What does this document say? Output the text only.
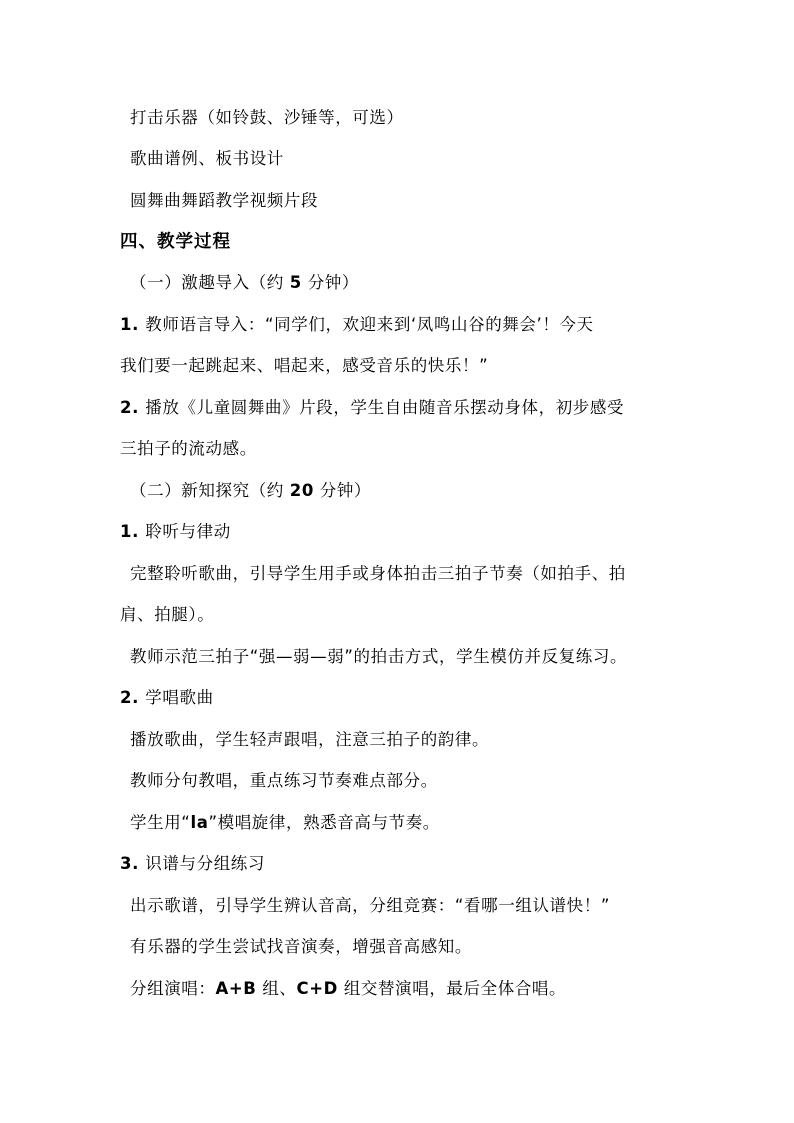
打击乐器（如铃鼓、沙锤等，可选）
歌曲谱例、板书设计
圆舞曲舞蹈教学视频片段
四、教学过程
（一）激趣导入（约 5 分钟）
1. 教师语言导入：“同学们，欢迎来到‘凤鸣山谷的舞会’！今天
我们要一起跳起来、唱起来，感受音乐的快乐！”
2. 播放《儿童圆舞曲》片段，学生自由随音乐摆动身体，初步感受
三拍子的流动感。
（二）新知探究（约 20 分钟）
1. 聆听与律动
完整聆听歌曲，引导学生用手或身体拍击三拍子节奏（如拍手、拍
肩、拍腿）。
教师示范三拍子“强—弱—弱”的拍击方式，学生模仿并反复练习。
2. 学唱歌曲
播放歌曲，学生轻声跟唱，注意三拍子的韵律。
教师分句教唱，重点练习节奏难点部分。
学生用“la”模唱旋律，熟悉音高与节奏。
3. 识谱与分组练习
出示歌谱，引导学生辨认音高，分组竞赛：“看哪一组认谱快！”
有乐器的学生尝试找音演奏，增强音高感知。
分组演唱：A+B 组、C+D 组交替演唱，最后全体合唱。
